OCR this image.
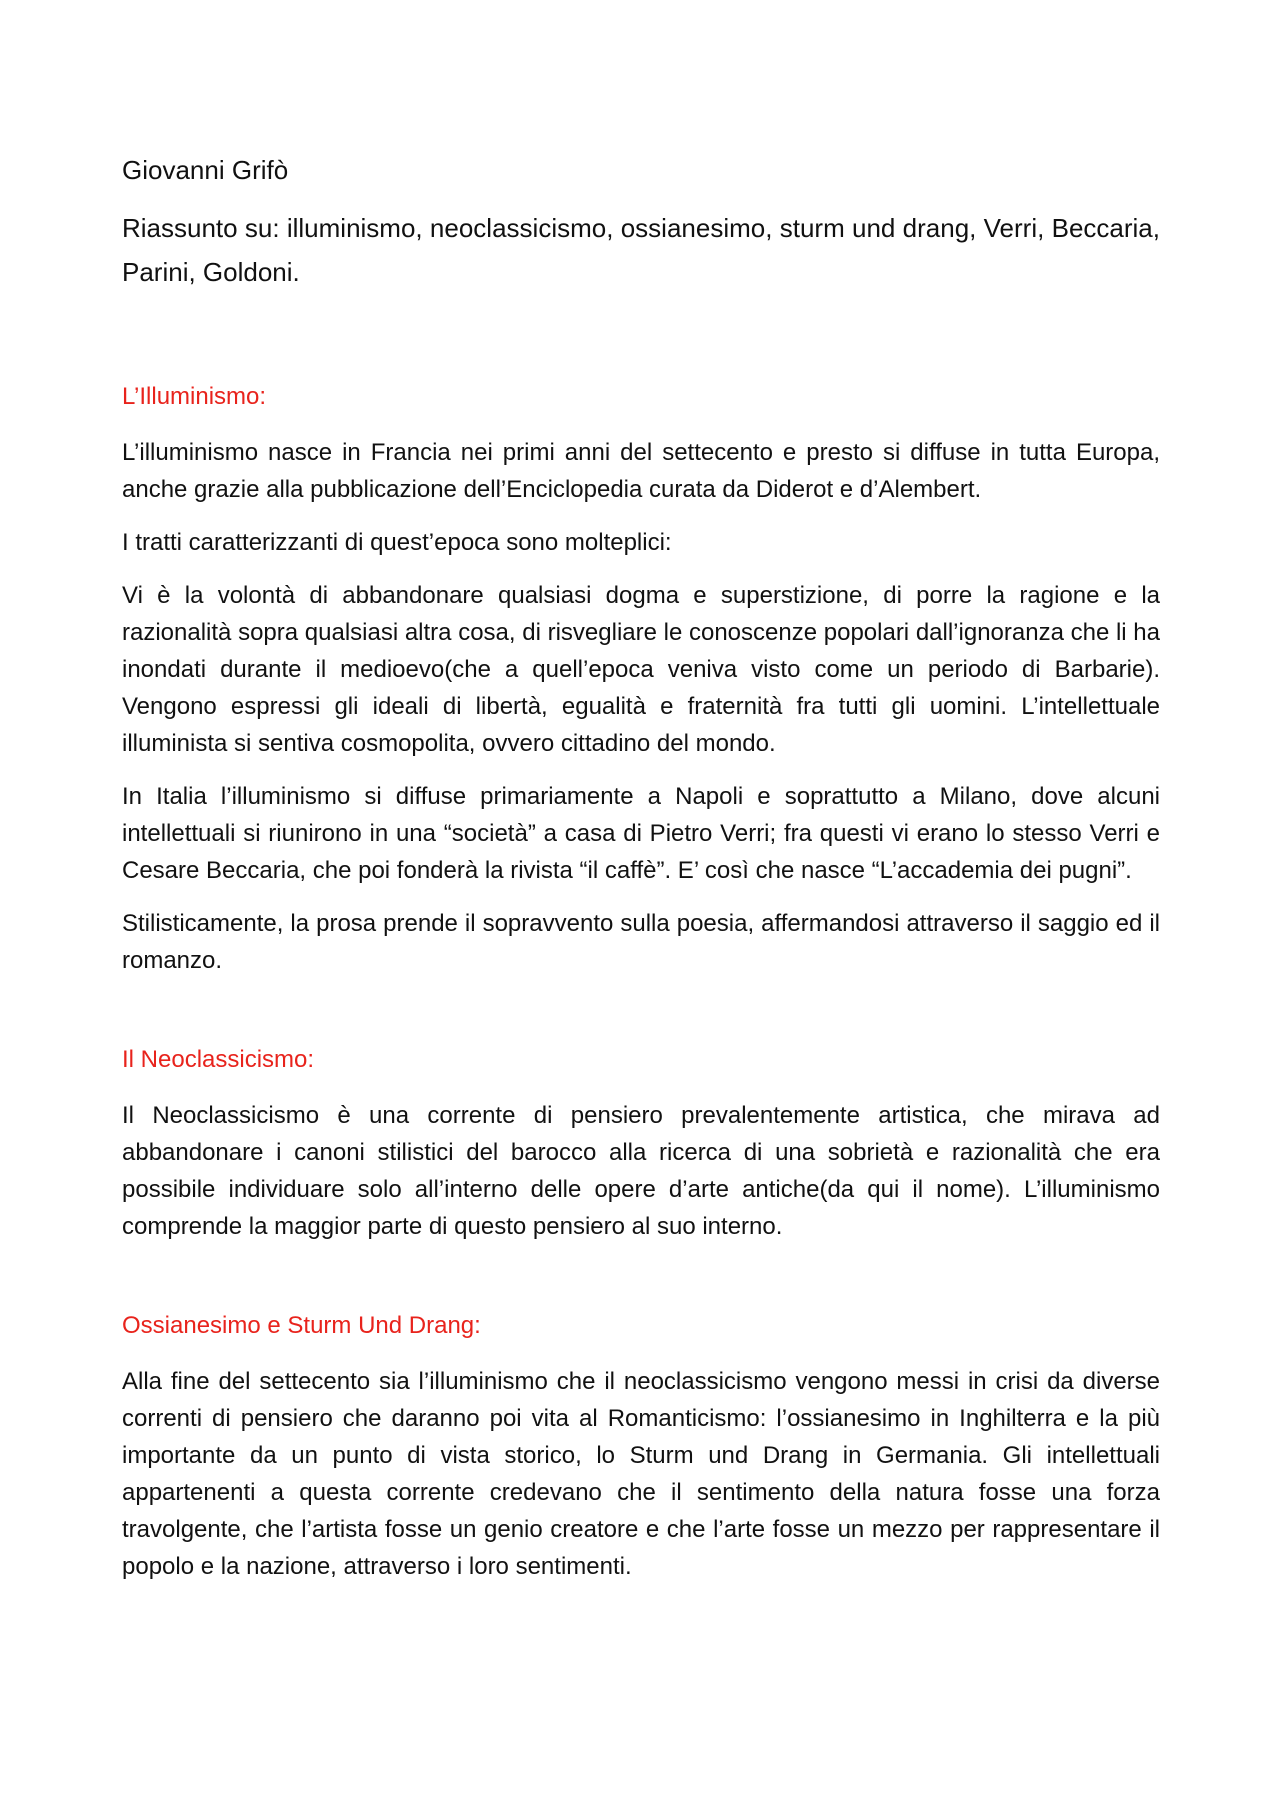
Giovanni Grifò
Riassunto su: illuminismo, neoclassicismo, ossianesimo, sturm und drang, Verri, Beccaria, Parini, Goldoni.
L’Illuminismo:

L’illuminismo nasce in Francia nei primi anni del settecento e presto si diffuse in tutta Europa, anche grazie alla pubblicazione dell’Enciclopedia curata da Diderot e d’Alembert.

I tratti caratterizzanti di quest’epoca sono molteplici:

Vi è la volontà di abbandonare qualsiasi dogma e superstizione, di porre la ragione e la razionalità sopra qualsiasi altra cosa, di risvegliare le conoscenze popolari dall’ignoranza che li ha inondati durante il medioevo(che a quell’epoca veniva visto come un periodo di Barbarie). Vengono espressi gli ideali di libertà, egualità e fraternità fra tutti gli uomini. L’intellettuale illuminista si sentiva cosmopolita, ovvero cittadino del mondo.

In Italia l’illuminismo si diffuse primariamente a Napoli e soprattutto a Milano, dove alcuni intellettuali si riunirono in una “società” a casa di Pietro Verri; fra questi vi erano lo stesso Verri e Cesare Beccaria, che poi fonderà la rivista “il caffè”. E’ così che nasce “L’accademia dei pugni”.

Stilisticamente, la prosa prende il sopravvento sulla poesia, affermandosi attraverso il saggio ed il romanzo.

Il Neoclassicismo:

Il Neoclassicismo è una corrente di pensiero prevalentemente artistica, che mirava ad abbandonare i canoni stilistici del barocco alla ricerca di una sobrietà e razionalità che era possibile individuare solo all’interno delle opere d’arte antiche(da qui il nome). L’illuminismo comprende la maggior parte di questo pensiero al suo interno.

Ossianesimo e Sturm Und Drang:

Alla fine del settecento sia l’illuminismo che il neoclassicismo vengono messi in crisi da diverse correnti di pensiero che daranno poi vita al Romanticismo: l’ossianesimo in Inghilterra e la più importante da un punto di vista storico, lo Sturm und Drang in Germania. Gli intellettuali appartenenti a questa corrente credevano che il sentimento della natura fosse una forza travolgente, che l’artista fosse un genio creatore e che l’arte fosse un mezzo per rappresentare il popolo e la nazione, attraverso i loro sentimenti.
